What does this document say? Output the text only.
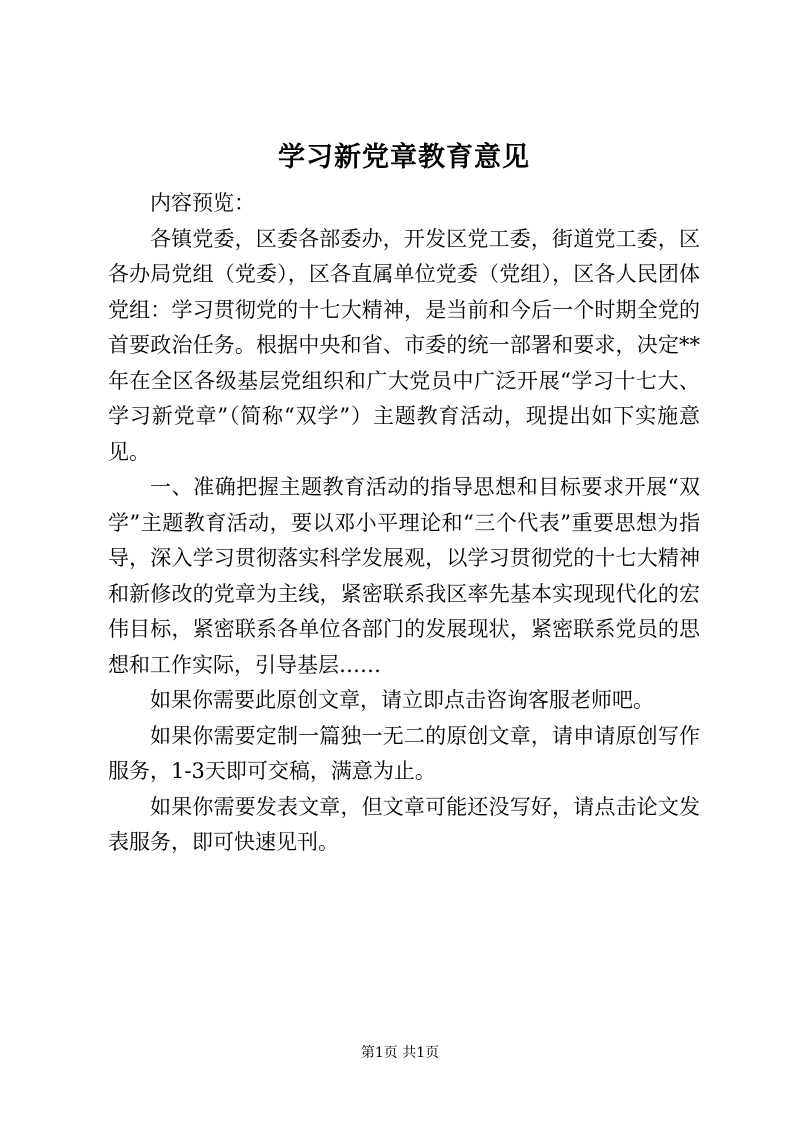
学习新党章教育意见

内容预览：

各镇党委，区委各部委办，开发区党工委，街道党工委，区各办局党组（党委），区各直属单位党委（党组），区各人民团体党组：学习贯彻党的十七大精神，是当前和今后一个时期全党的首要政治任务。根据中央和省、市委的统一部署和要求，决定**年在全区各级基层党组织和广大党员中广泛开展“学习十七大、学习新党章”（简称“双学”）主题教育活动，现提出如下实施意见。

一、准确把握主题教育活动的指导思想和目标要求开展“双学”主题教育活动，要以邓小平理论和“三个代表”重要思想为指导，深入学习贯彻落实科学发展观，以学习贯彻党的十七大精神和新修改的党章为主线，紧密联系我区率先基本实现现代化的宏伟目标，紧密联系各单位各部门的发展现状，紧密联系党员的思想和工作实际，引导基层……

如果你需要此原创文章，请立即点击咨询客服老师吧。

如果你需要定制一篇独一无二的原创文章，请申请原创写作服务，1-3天即可交稿，满意为止。

如果你需要发表文章，但文章可能还没写好，请点击论文发表服务，即可快速见刊。

第1页 共1页
